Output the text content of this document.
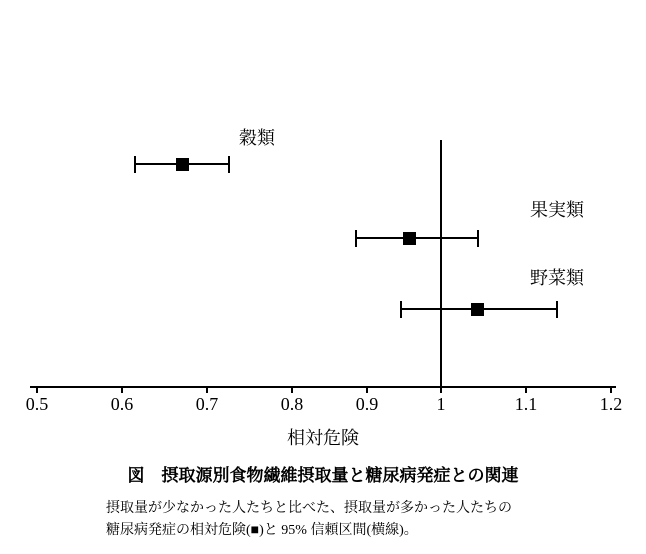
0.5	0.6	0.7	0.8	0.9	1	1.1	1.2
穀類
果実類
野菜類
相対危険
図　摂取源別食物繊維摂取量と糖尿病発症との関連
摂取量が少なかった人たちと比べた、摂取量が多かった人たちの
糖尿病発症の相対危険(■)と 95% 信頼区間(横線)。
